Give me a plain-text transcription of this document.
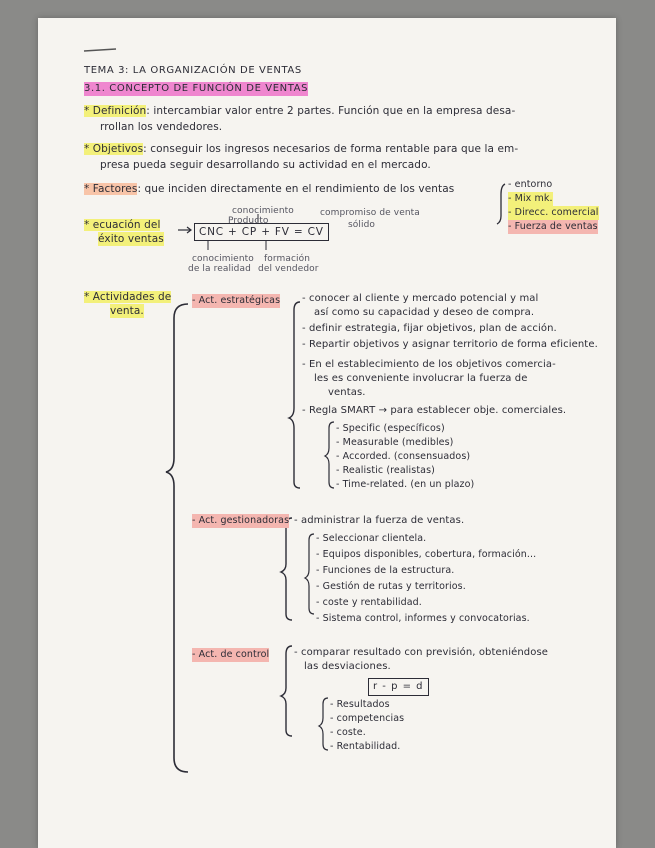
TEMA 3: LA ORGANIZACIÓN DE VENTAS
3.1. CONCEPTO DE FUNCIÓN DE VENTAS
* Definición: intercambiar valor entre 2 partes. Función que en la empresa desa-
rrollan los vendedores.
* Objetivos: conseguir los ingresos necesarios de forma rentable para que la em-
presa pueda seguir desarrollando su actividad en el mercado.
* Factores: que inciden directamente en el rendimiento de los ventas	- entorno
- Mix mk.
- Direcc. comercial
- Fuerza de ventas
conocimiento
Producto
compromiso de venta
sólido
* ecuación del
éxito ventas
CNC + CP + FV = CV
conocimiento
de la realidad
formación
del vendedor
* Actividades de
venta.
- Act. estratégicas - conocer al cliente y mercado potencial y mal
así como su capacidad y deseo de compra.
- definir estrategia, fijar objetivos, plan de acción.
- Repartir objetivos y asignar territorio de forma eficiente.
- En el establecimiento de los objetivos comercia-
les es conveniente involucrar la fuerza de
ventas.
- Regla SMART → para establecer obje. comerciales.
- Specific (específicos)
- Measurable (medibles)
- Accorded. (consensuados)
- Realistic (realistas)
- Time-related. (en un plazo)
- Act. gestionadoras - administrar la fuerza de ventas.
- Seleccionar clientela.
- Equipos disponibles, cobertura, formación...
- Funciones de la estructura.
- Gestión de rutas y territorios.
- coste y rentabilidad.
- Sistema control, informes y convocatorias.
- Act. de control - comparar resultado con previsión, obteniéndose
las desviaciones.
r - p = d
- Resultados
- competencias
- coste.
- Rentabilidad.
